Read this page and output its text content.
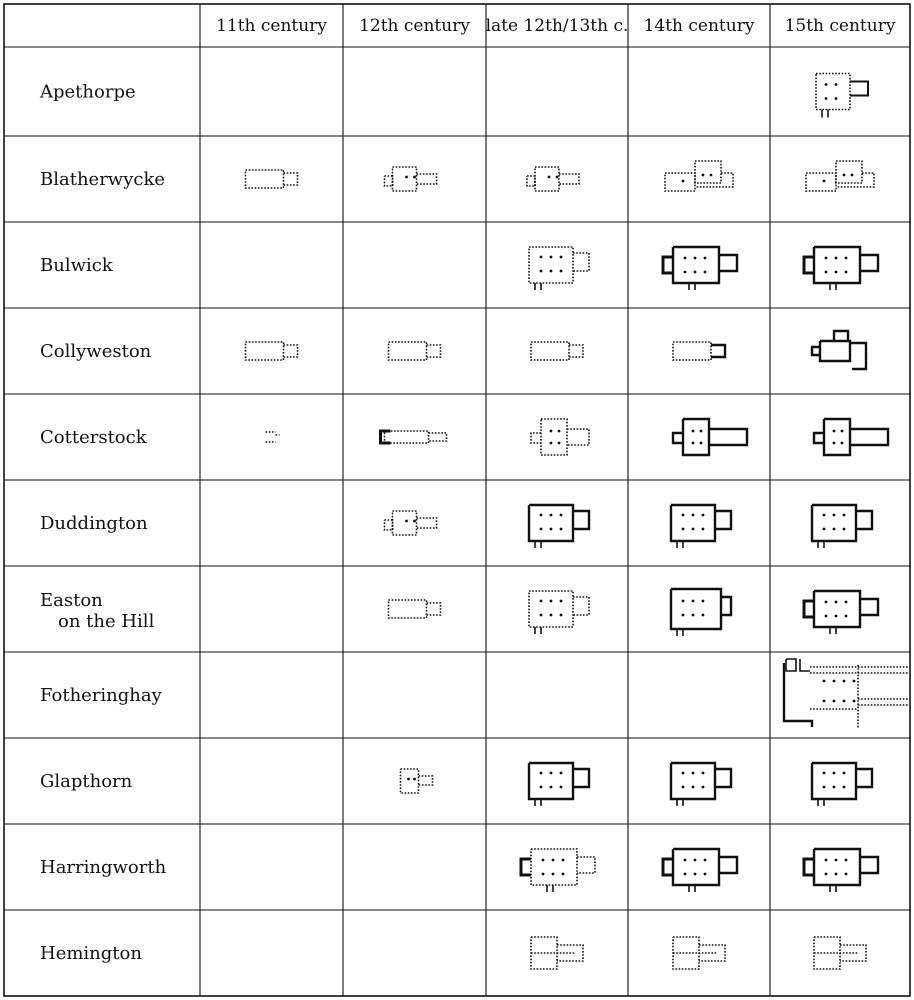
11th century 12th century late 12th/13th c. 14th century 15th century
Apethorpe
Blatherwycke
Bulwick
Collyweston
Cotterstock
Duddington
Easton
on the Hill
Fotheringhay
Glapthorn
Harringworth
Hemington
